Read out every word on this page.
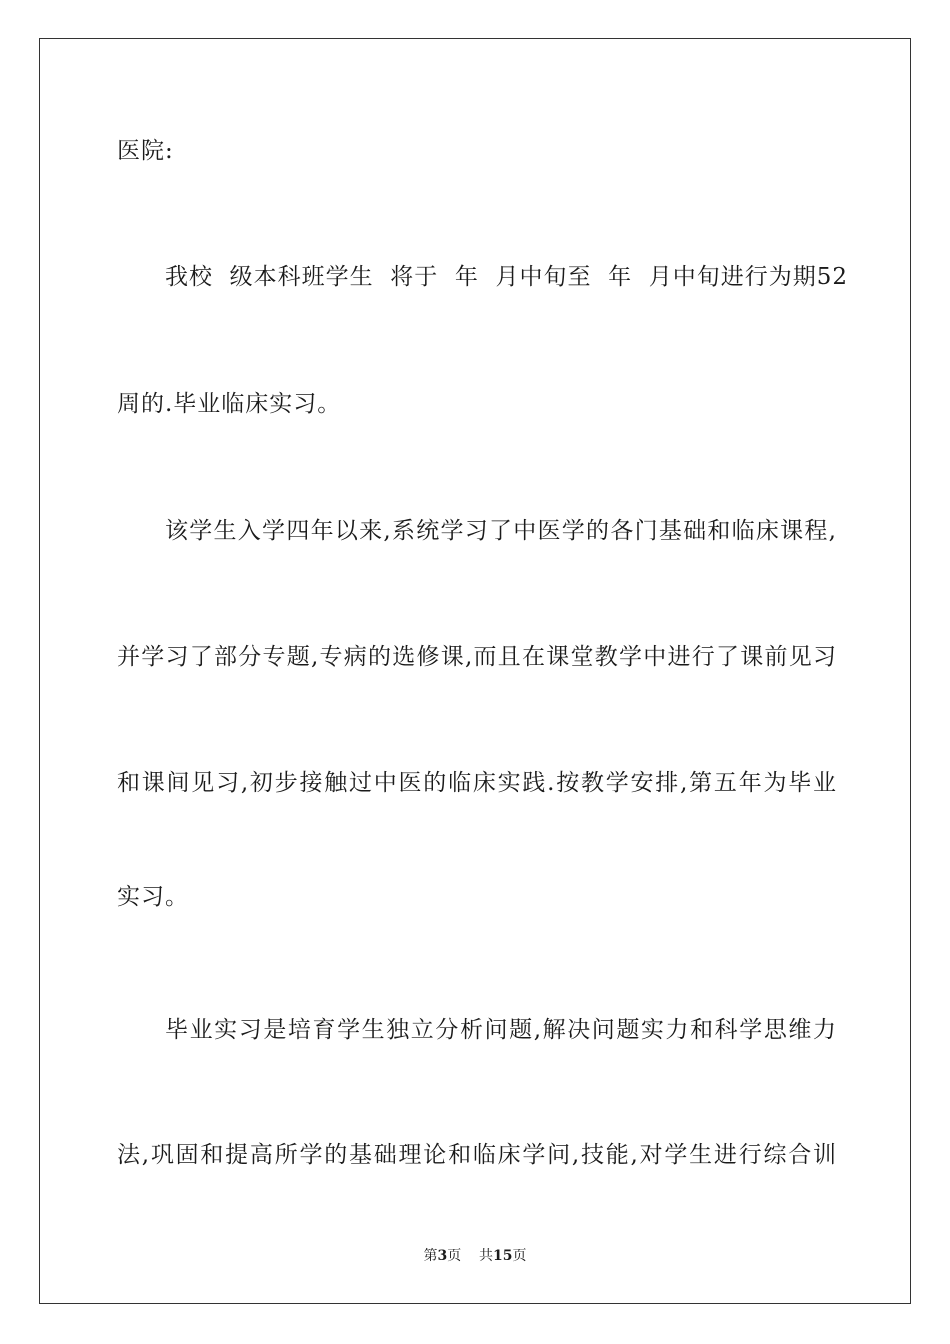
医院:
我校  级本科班学生  将于  年  月中旬至  年  月中旬进行为期52
周的.毕业临床实习。
该学生入学四年以来,系统学习了中医学的各门基础和临床课程,
并学习了部分专题,专病的选修课,而且在课堂教学中进行了课前见习
和课间见习,初步接触过中医的临床实践.按教学安排,第五年为毕业
实习。
毕业实习是培育学生独立分析问题,解决问题实力和科学思维力
法,巩固和提高所学的基础理论和临床学问,技能,对学生进行综合训
第3页 共15页
